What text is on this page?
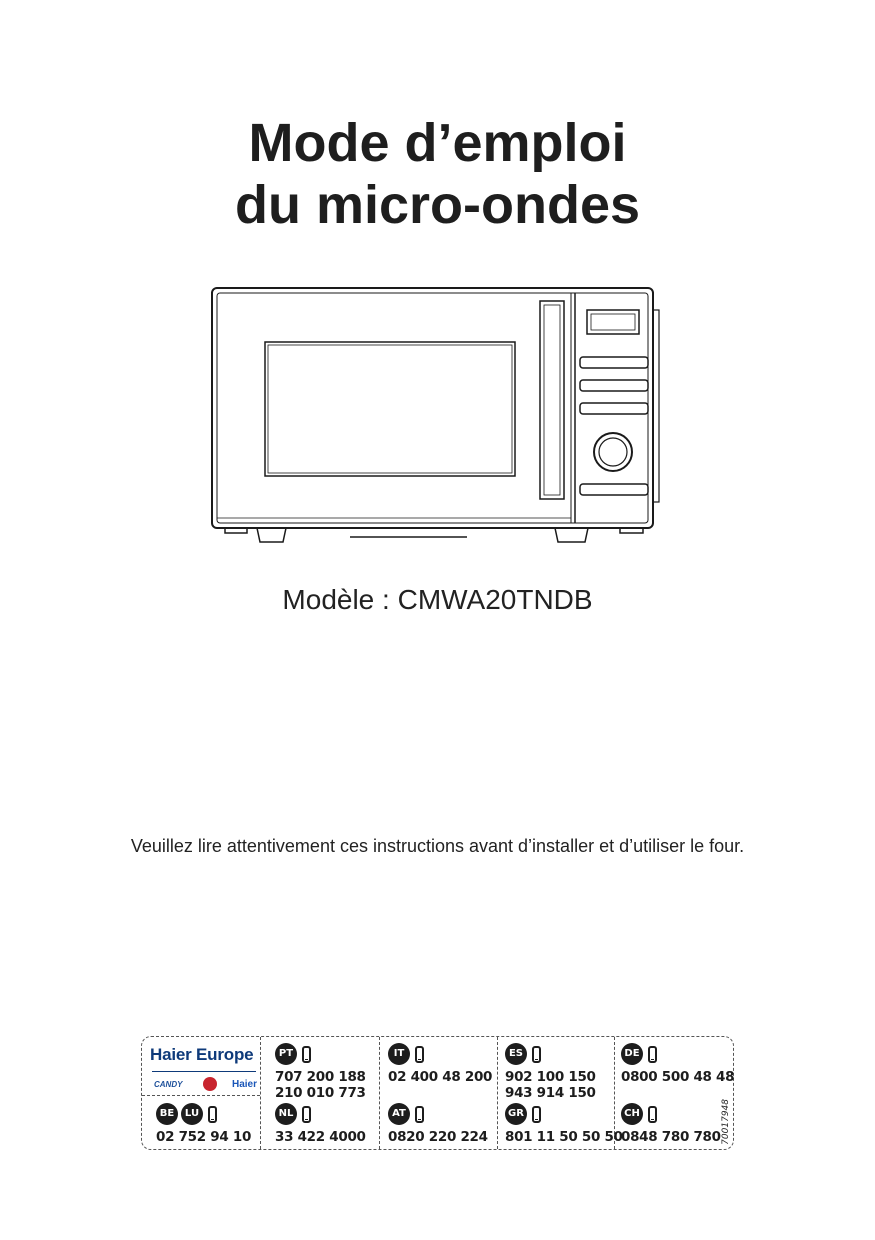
Mode d’emploi
du micro-ondes
Modèle : CMWA20TNDB
Veuillez lire attentivement ces instructions avant d’installer et d’utiliser le four.
Haier Europe
CANDY	Haier
BE	LU
02 752 94 10
PT
707 200 188
210 010 773
NL
33 422 4000
IT
02 400 48 200
AT
0820 220 224
ES
902 100 150
943 914 150
GR
801 11 50 50 50
DE
0800 500 48 48
CH
0848 780 780 70017948
